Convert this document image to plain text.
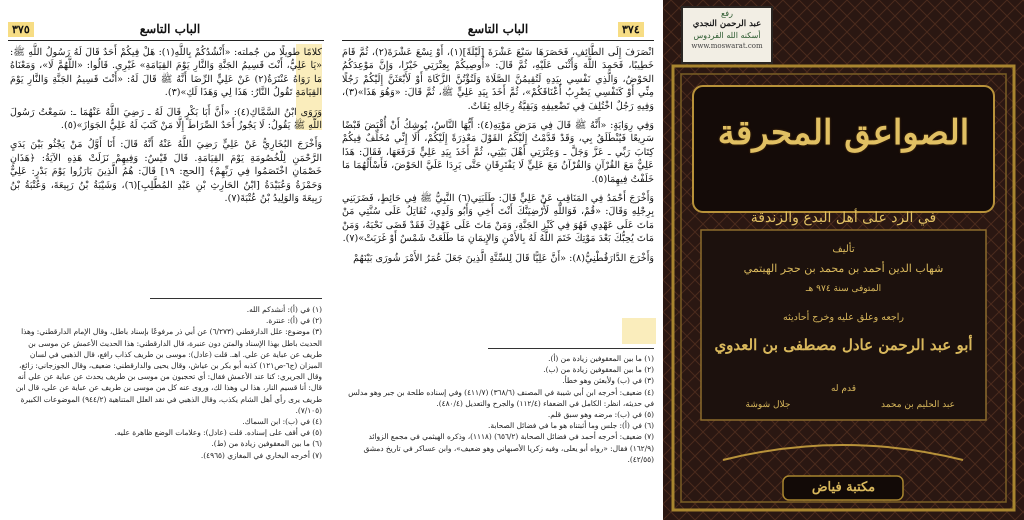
٣٧٥	الباب التاسع

كلامًا طويلًا من جُملته: «أَنْشُدُكُمْ بِاللَّهِ(١): هَلْ فِيكُمْ أَحَدٌ قَالَ لَهُ رَسُولُ اللَّهِ ﷺ: «يَا عَلِيُّ، أَنْتَ قَسِيمُ الجَنَّةِ وَالنَّارِ يَوْمَ القِيَامَةِ» غَيْرِي. قَالُوا: «اللَّهُمَّ لَا»، وَمَعْنَاهُ مَا رَوَاهُ عَنْتَرَةُ(٢) عَنْ عَلِيٍّ الرِّضَا أَنَّهُ ﷺ قَالَ لَهُ: «أَنْتَ قَسِيمُ الجَنَّةِ وَالنَّارِ يَوْمَ القِيَامَةِ تَقُولُ النَّارُ: هَذَا لِي وَهَذَا لَكِ»(٣).

وَرَوَى ابْنُ السَّمَّاكِ(٤): «أَنَّ أَبَا بَكْرٍ قَالَ لَهُ ـ رَضِيَ اللَّهُ عَنْهُمَا ـ: سَمِعْتُ رَسُولَ اللَّهِ ﷺ يَقُولُ: لَا يَجُوزُ أَحَدٌ الصِّرَاطَ إِلَّا مَنْ كَتَبَ لَهُ عَلِيٌّ الجَوَازَ»(٥).

وَأَخْرَجَ البُخَارِيُّ عَنْ عَلِيٍّ رَضِيَ اللَّهُ عَنْهُ أَنَّهُ قَالَ: أَنَا أَوَّلُ مَنْ يَجْثُو بَيْنَ يَدَيِ الرَّحْمَنِ لِلْخُصُومَةِ يَوْمَ القِيَامَةِ. قَالَ قَيْسٌ: وَفِيهِمْ نَزَلَتْ هَذِهِ الآيَةُ: ﴿هَذَانِ خَصْمَانِ اخْتَصَمُوا فِي رَبِّهِمْ﴾ [الحج: ١٩] قَالَ: هُمُ الَّذِينَ بَارَزُوا يَوْمَ بَدْرٍ: عَلِيٌّ وَحَمْزَةُ وَعُبَيْدَةُ [ابْنُ الحَارِثِ بْنِ عَبْدِ المُطَّلِبِ](٦)، وَشَيْبَةُ بْنُ رَبِيعَةَ، وَعُتْبَةُ بْنُ رَبِيعَةَ وَالوَلِيدُ بْنُ عُتْبَةَ(٧).

(١) في (أ): أنشدكم الله.
(٢) في (أ): عنترة.
(٣) موضوع: علل الدارقطني (٦/٢٧٣) عن أبي ذر مرفوعًا بإسناد باطل، وقال الإمام الدارقطني: وهذا الحديث باطل بهذا الإسناد والمتن دون عنبرة، قال الدارقطني: هذا الحديث الأعمش عن موسى بن طريف عن عباية عن علي. اهـ. قلت (عادل): موسى بن طريف كذاب رافع، قال الذهبي في لسان الميزان (ج٦-ص١٢١) كذبه أبو بكر بن عياش، وقال يحيى والدارقطني: ضعيف، وقال الجوزجاني: زائغ، وقال الجريري: كنا عند الأعمش فقال: أي تحجبون من موسى بن طريف يحدث عن عباية عن علي أنه قال: أنا قسيم النار، هذا لي وهذا لك، وروى عنه كل من موسى بن طريف عن عباية عن علي، قال ابن طريف يرى رأي أهل الشام يكذب، وقال الذهبي في نقد العلل المتناهية (٩٤٤/٢) الموضوعات الكبيرة (٧/١٠٥).
(٤) في (ب): ابن السماك.
(٥) في أقف على إسناده. قلت (عادل): وعلامات الوضع ظاهرة عليه.
(٦) ما بين المعقوفين زيادة من (ط).
(٧) أخرجه البخاري في المغازي (٤٩٦٥).
الباب التاسع	٣٧٤

انْصَرَفَ إِلَى الطَّائِفِ، فَحَصَرَهَا سَبْعَ عَشْرَةَ [لَيْلَةً](١)، أَوْ تِسْعَ عَشْرَةَ(٢)، ثُمَّ قَامَ خَطِيبًا، فَحَمِدَ اللَّهَ وَأَثْنَى عَلَيْهِ، ثُمَّ قَالَ: «أُوصِيكُمْ بِعِتْرَتِي خَيْرًا، وَإِنَّ مَوْعِدَكُمُ الحَوْضُ، وَالَّذِي نَفْسِي بِيَدِهِ لَتُقِيمُنَّ الصَّلَاةَ وَلَتُؤْتُنَّ الزَّكَاةَ أَوْ لَأَبْعَثَنَّ إِلَيْكُمْ رَجُلًا مِنِّي أَوْ كَنَفْسِي يَضْرِبُ أَعْنَاقَكُمْ»، ثُمَّ أَخَذَ بِيَدِ عَلِيٍّ ﷺ، ثُمَّ قَالَ: «وَهُوَ هَذَا»(٣)، وَفِيهِ رَجُلٌ اخْتُلِفَ فِي تَضْعِيفِهِ وَبَقِيَّةُ رِجَالِهِ ثِقَاتٌ.

وَفِي رِوَايَةٍ: «أَنَّهُ ﷺ قَالَ فِي مَرَضِ مَوْتِهِ(٤): أَيُّهَا النَّاسُ، يُوشِكُ أَنْ أُقْبَضَ قَبْضًا سَرِيعًا فَيُنْطَلَقُ بِي، وَقَدْ قَدَّمْتُ إِلَيْكُمُ القَوْلَ مَعْذِرَةً إِلَيْكُمْ، أَلَا إِنِّي مُخَلِّفٌ فِيكُمْ كِتَابَ رَبِّي ـ عَزَّ وَجَلَّ ـ وَعِتْرَتِي أَهْلَ بَيْتِي، ثُمَّ أَخَذَ بِيَدِ عَلِيٍّ فَرَفَعَهَا، فَقَالَ: هَذَا عَلِيٌّ مَعَ القُرْآنِ وَالقُرْآنُ مَعَ عَلِيٍّ لَا يَفْتَرِقَانِ حَتَّى يَرِدَا عَلَيَّ الحَوْضَ، فَأَسْأَلُهُمَا مَا خَلَفْتُ فِيهِمَا(٥).

وَأَخْرَجَ أَحْمَدُ فِي المَنَاقِبِ عَنْ عَلِيٍّ قَالَ: طَلَبَنِي(٦) النَّبِيُّ ﷺ فِي حَائِطٍ، فَضَرَبَنِي بِرِجْلِهِ وَقَالَ: «قُمْ، فَوَاللَّهِ لَأُرْضِيَنَّكَ أَنْتَ أَخِي وَأَبُو وَلَدِي، تُقَاتِلُ عَلَى سُنَّتِي مَنْ مَاتَ عَلَى عَهْدِي فَهُوَ فِي كَنْزِ الجَنَّةِ، وَمَنْ مَاتَ عَلَى عَهْدِكَ فَقَدْ قَضَى نَحْبَهُ، وَمَنْ مَاتَ يُحِبُّكَ بَعْدَ مَوْتِكَ خَتَمَ اللَّهُ لَهُ بِالأَمْنِ وَالإِيمَانِ مَا طَلَعَتْ شَمْسٌ أَوْ غَرَبَتْ»(٧).

وَأَخْرَجَ الدَّارَقُطْنِيُّ(٨): «أَنَّ عَلِيًّا قَالَ لِلسِّتَّةِ الَّذِينَ جَعَلَ عُمَرُ الأَمْرَ شُورَى بَيْنَهُمْ

(١) ما بين المعقوفين زيادة من (أ).
(٢) ما بين المعقوفين زيادة من (ب).
(٣) في (ب) ولأبعثن وهو خطأ.
(٤) ضعيف: أخرجه ابن أبي شيبة في المصنف (٣٦٨/٦) (٤١١/٧) وفي إسناده طلحة بن جبر وهو مدلس في حديثه، انظر: الكامل في الضعفاء (١١٢/٤) والجرح والتعديل (٤٨٠/٤).
(٥) في (ب): مرضه وهو سبق قلم.
(٦) في (أ): جلس وما أثبتناه هو ما في فضائل الصحابة.
(٧) ضعيف: أخرجه أحمد في فضائل الصحابة (٦٥٦/٢) (١١١٨)، وذكره الهيثمي في مجمع الزوائد (١٦٢/٩) فقال: «رواه أبو يعلى، وفيه زكريا الأصبهاني وهو ضعيف»، وابن عساكر في تاريخ دمشق (٤٢/٥٥).
رفع
عبد الرحمن النجدي
أسكنه الله الفردوس
www.moswarat.com
الصواعق المحرقة
في الرد على أهل البدع والزندقة
تأليف
شهاب الدين أحمد بن محمد بن حجر الهيتمي
المتوفى سنة ٩٧٤ هـ
راجعه وعلق عليه وخرج أحاديثه
أبو عبد الرحمن عادل مصطفى بن العدوي
قدم له
جلال شوشة	عبد الحليم بن محمد
مكتبة فياض
